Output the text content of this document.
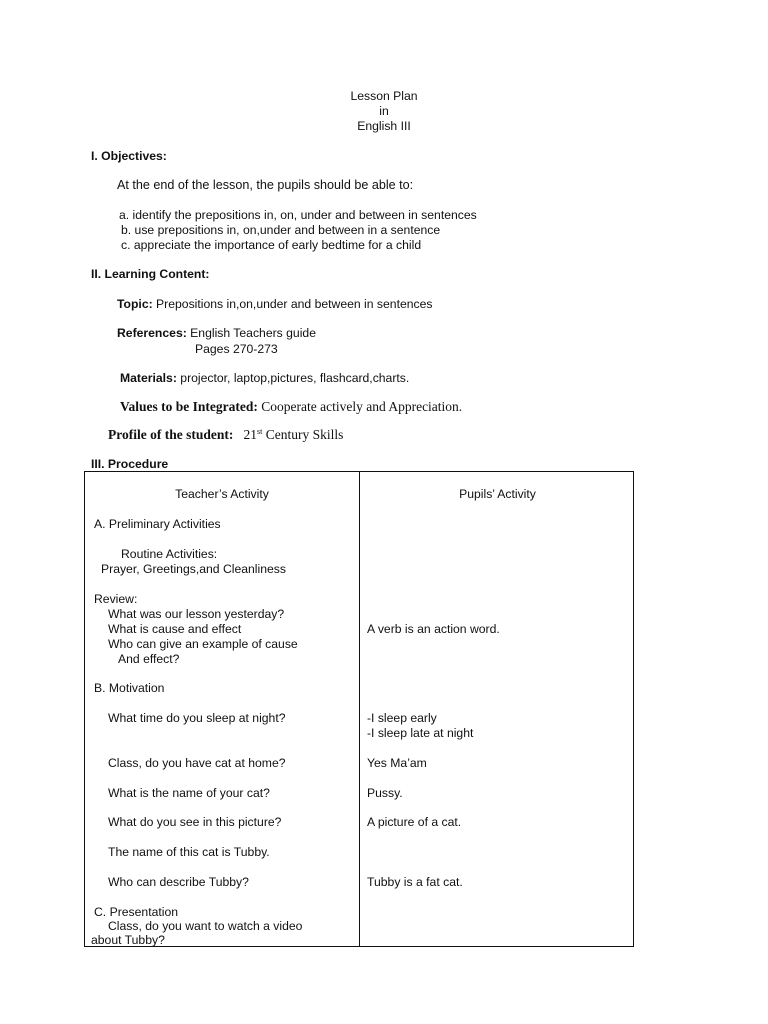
Lesson Plan
in
English III
I. Objectives:
At the end of the lesson, the pupils should be able to:
a. identify the prepositions in, on, under and between in sentences
b. use prepositions in, on,under and between in a sentence
c. appreciate the importance of early bedtime for a child
II. Learning Content:
Topic: Prepositions in,on,under and between in sentences
References: English Teachers guide
Pages 270-273
Materials: projector, laptop,pictures, flashcard,charts.
Values to be Integrated: Cooperate actively and Appreciation.
Profile of the student: 21st Century Skills
III. Procedure
Teacher’s Activity	Pupils’ Activity
A. Preliminary Activities
Routine Activities:
Prayer, Greetings,and Cleanliness
Review:
What was our lesson yesterday?
What is cause and effect
Who can give an example of cause
And effect?
B. Motivation
What time do you sleep at night?
Class, do you have cat at home?
What is the name of your cat?
What do you see in this picture?
The name of this cat is Tubby.
Who can describe Tubby?
C. Presentation
Class, do you want to watch a video
about Tubby?
A verb is an action word.
-I sleep early
-I sleep late at night
Yes Ma’am
Pussy.
A picture of a cat.
Tubby is a fat cat.
